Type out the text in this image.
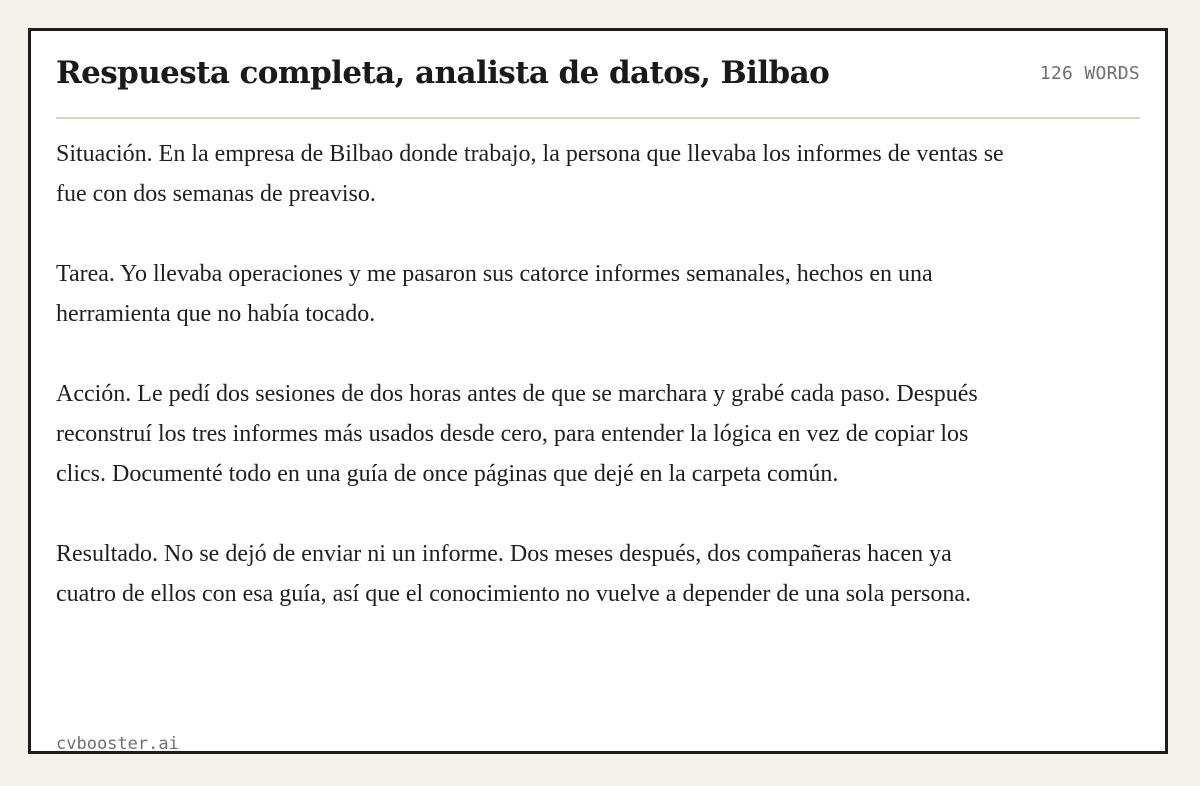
Respuesta completa, analista de datos, Bilbao	126 WORDS

Situación. En la empresa de Bilbao donde trabajo, la persona que llevaba los informes de ventas se fue con dos semanas de preaviso.

Tarea. Yo llevaba operaciones y me pasaron sus catorce informes semanales, hechos en una herramienta que no había tocado.

Acción. Le pedí dos sesiones de dos horas antes de que se marchara y grabé cada paso. Después reconstruí los tres informes más usados desde cero, para entender la lógica en vez de copiar los clics. Documenté todo en una guía de once páginas que dejé en la carpeta común.

Resultado. No se dejó de enviar ni un informe. Dos meses después, dos compañeras hacen ya cuatro de ellos con esa guía, así que el conocimiento no vuelve a depender de una sola persona.

cvbooster.ai
